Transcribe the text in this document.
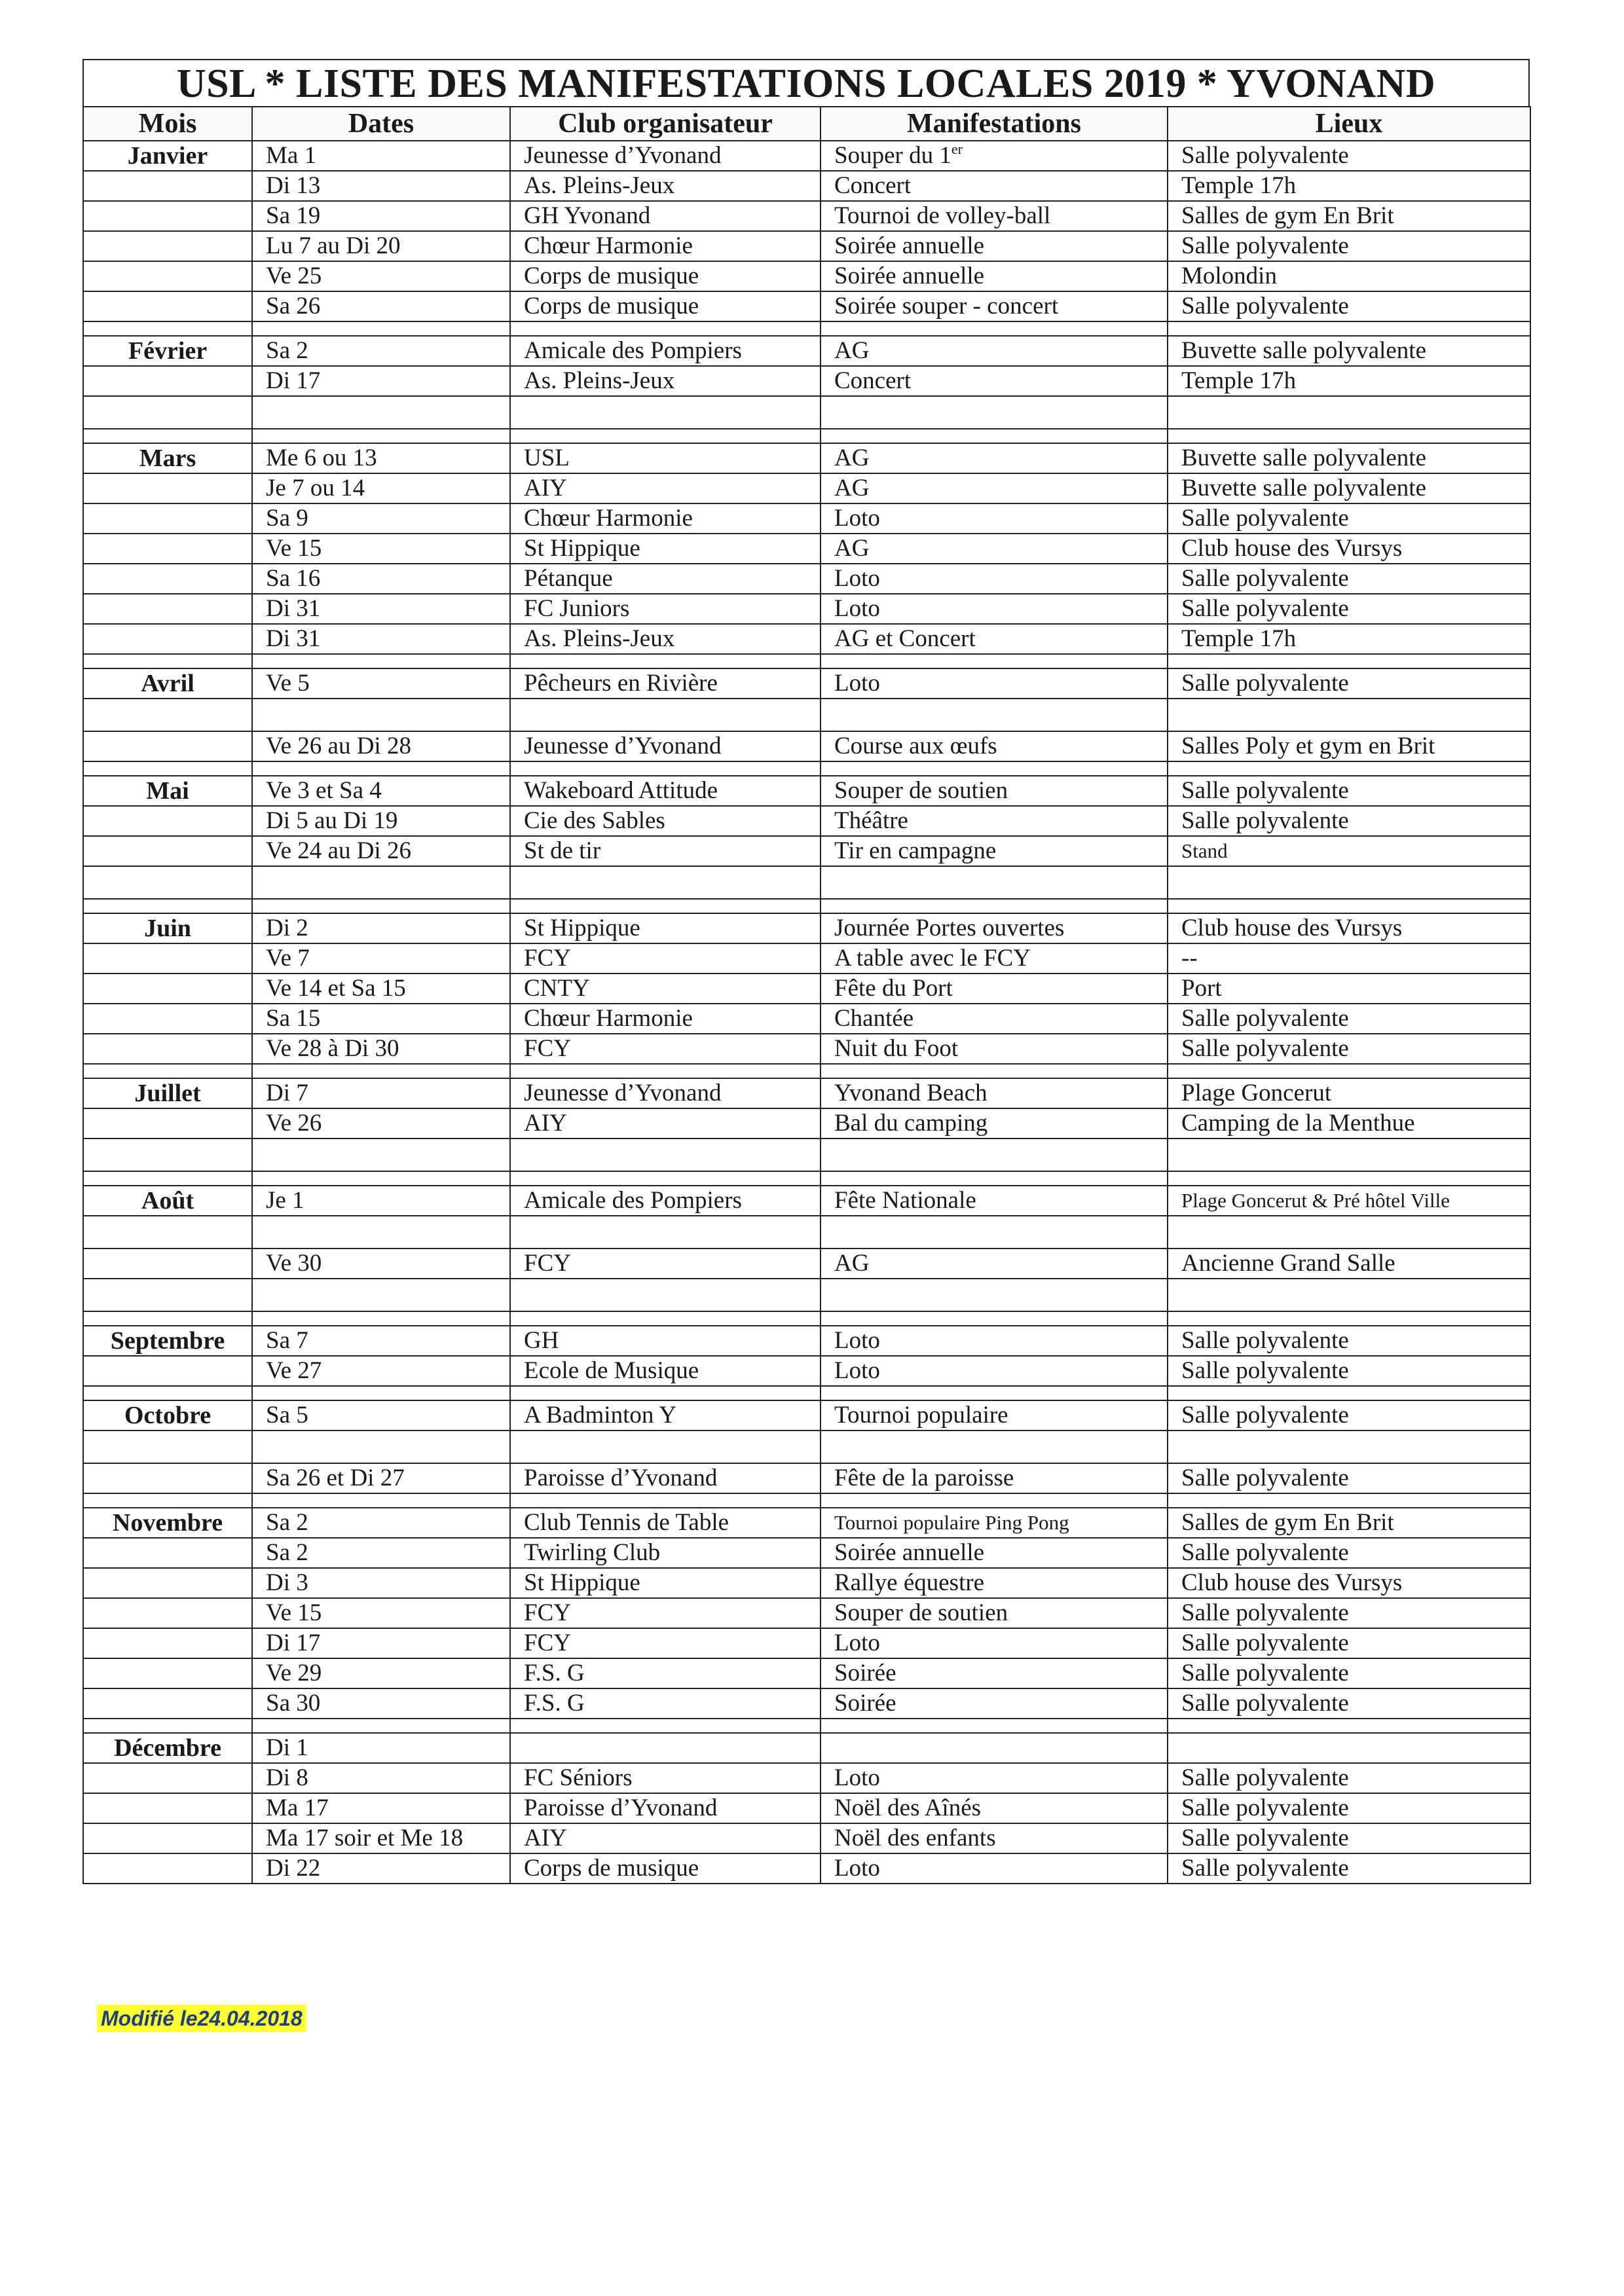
USL * LISTE DES MANIFESTATIONS LOCALES 2019 * YVONAND
Mois	Dates	Club organisateur	Manifestations	Lieux
Janvier	Ma 1	Jeunesse d’Yvonand	Souper du 1er	Salle polyvalente
	Di 13	As. Pleins-Jeux	Concert	Temple 17h
	Sa 19	GH Yvonand	Tournoi de volley-ball	Salles de gym En Brit
	Lu 7 au Di 20	Chœur Harmonie	Soirée annuelle	Salle polyvalente
	Ve 25	Corps de musique	Soirée annuelle	Molondin
	Sa 26	Corps de musique	Soirée souper - concert	Salle polyvalente

Février	Sa 2	Amicale des Pompiers	AG	Buvette salle polyvalente
	Di 17	As. Pleins-Jeux	Concert	Temple 17h

Mars	Me 6 ou 13	USL	AG	Buvette salle polyvalente
	Je 7 ou 14	AIY	AG	Buvette salle polyvalente
	Sa 9	Chœur Harmonie	Loto	Salle polyvalente
	Ve 15	St Hippique	AG	Club house des Vursys
	Sa 16	Pétanque	Loto	Salle polyvalente
	Di 31	FC Juniors	Loto	Salle polyvalente
	Di 31	As. Pleins-Jeux	AG et Concert	Temple 17h

Avril	Ve 5	Pêcheurs en Rivière	Loto	Salle polyvalente

	Ve 26 au Di 28	Jeunesse d’Yvonand	Course aux œufs	Salles Poly et gym en Brit

Mai	Ve 3 et Sa 4	Wakeboard Attitude	Souper de soutien	Salle polyvalente
	Di 5 au Di 19	Cie des Sables	Théâtre	Salle polyvalente
	Ve 24 au Di 26	St de tir	Tir en campagne	Stand

Juin	Di 2	St Hippique	Journée Portes ouvertes	Club house des Vursys
	Ve 7	FCY	A table avec le FCY	--
	Ve 14 et Sa 15	CNTY	Fête du Port	Port
	Sa 15	Chœur Harmonie	Chantée	Salle polyvalente
	Ve 28 à Di 30	FCY	Nuit du Foot	Salle polyvalente

Juillet	Di 7	Jeunesse d’Yvonand	Yvonand Beach	Plage Goncerut
	Ve 26	AIY	Bal du camping	Camping de la Menthue

Août	Je 1	Amicale des Pompiers	Fête Nationale	Plage Goncerut & Pré hôtel Ville

	Ve 30	FCY	AG	Ancienne Grand Salle

Septembre	Sa 7	GH	Loto	Salle polyvalente
	Ve 27	Ecole de Musique	Loto	Salle polyvalente

Octobre	Sa 5	A Badminton Y	Tournoi populaire	Salle polyvalente

	Sa 26 et Di 27	Paroisse d’Yvonand	Fête de la paroisse	Salle polyvalente

Novembre	Sa 2	Club Tennis de Table	Tournoi populaire Ping Pong	Salles de gym En Brit
	Sa 2	Twirling Club	Soirée annuelle	Salle polyvalente
	Di 3	St Hippique	Rallye équestre	Club house des Vursys
	Ve 15	FCY	Souper de soutien	Salle polyvalente
	Di 17	FCY	Loto	Salle polyvalente
	Ve 29	F.S. G	Soirée	Salle polyvalente
	Sa 30	F.S. G	Soirée	Salle polyvalente

Décembre	Di 1			
	Di 8	FC Séniors	Loto	Salle polyvalente
	Ma 17	Paroisse d’Yvonand	Noël des Aînés	Salle polyvalente
	Ma 17 soir et Me 18	AIY	Noël des enfants	Salle polyvalente
	Di 22	Corps de musique	Loto	Salle polyvalente
Modifié le24.04.2018
